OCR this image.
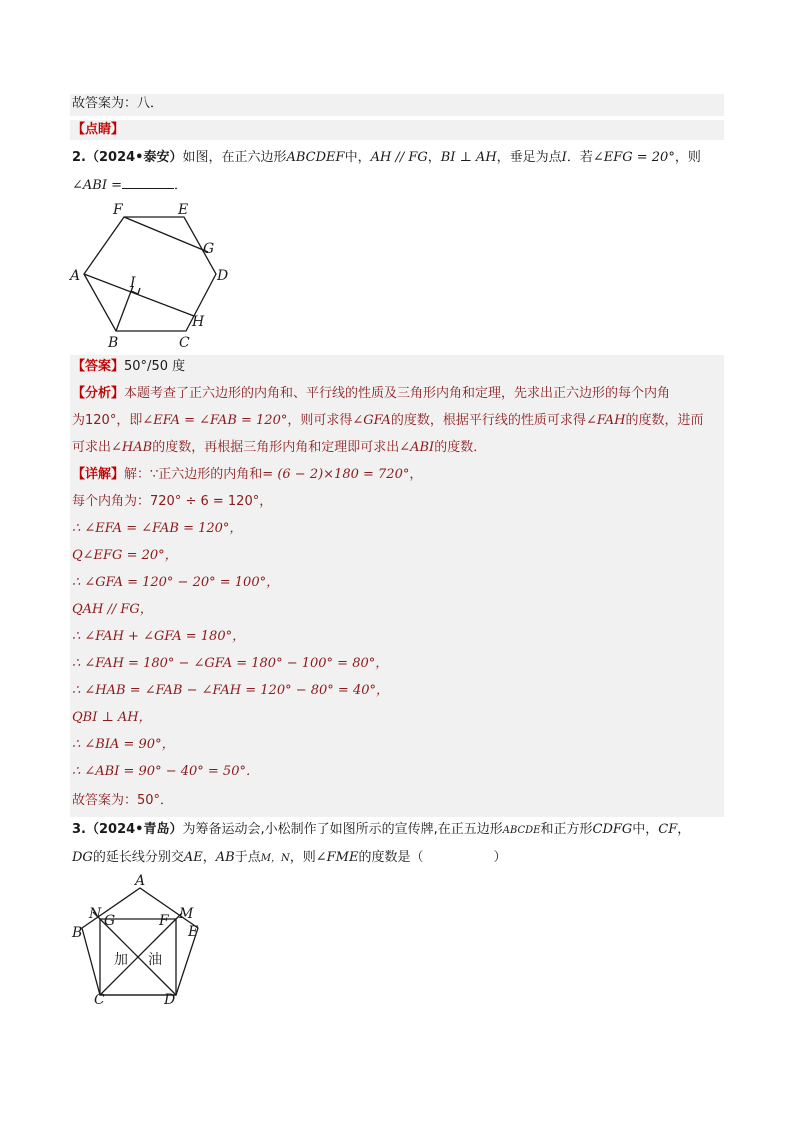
故答案为：八．
【点睛】
2.（2024•泰安）如图，在正六边形ABCDEF中，AH // FG，BI ⊥ AH，垂足为点I．若∠EFG = 20°，则
∠ABI =	．
F	E
G
D
A	I
H
B	C
【答案】50°/50 度
【分析】本题考查了正六边形的内角和、平行线的性质及三角形内角和定理，先求出正六边形的每个内角
为120°，即∠EFA = ∠FAB = 120°，则可求得∠GFA的度数，根据平行线的性质可求得∠FAH的度数，进而
可求出∠HAB的度数，再根据三角形内角和定理即可求出∠ABI的度数．
【详解】解：∵正六边形的内角和= (6 − 2)×180 = 720°，
每个内角为：720° ÷ 6 = 120°，
∴ ∠EFA = ∠FAB = 120°，
Q∠EFG = 20°，
∴ ∠GFA = 120° − 20° = 100°，
QAH // FG，
∴ ∠FAH + ∠GFA = 180°，
∴ ∠FAH = 180° − ∠GFA = 180° − 100° = 80°，
∴ ∠HAB = ∠FAB − ∠FAH = 120° − 80° = 40°，
QBI ⊥ AH，
∴ ∠BIA = 90°，
∴ ∠ABI = 90° − 40° = 50°．
故答案为：50°．
3.（2024•青岛）为筹备运动会,小松制作了如图所示的宣传牌,在正五边形ABCDE和正方形CDFG中，CF，
DG的延长线分别交AE，AB于点M，N，则∠FME的度数是（	）
A
N G	F M
B	E
C	D
加 油
